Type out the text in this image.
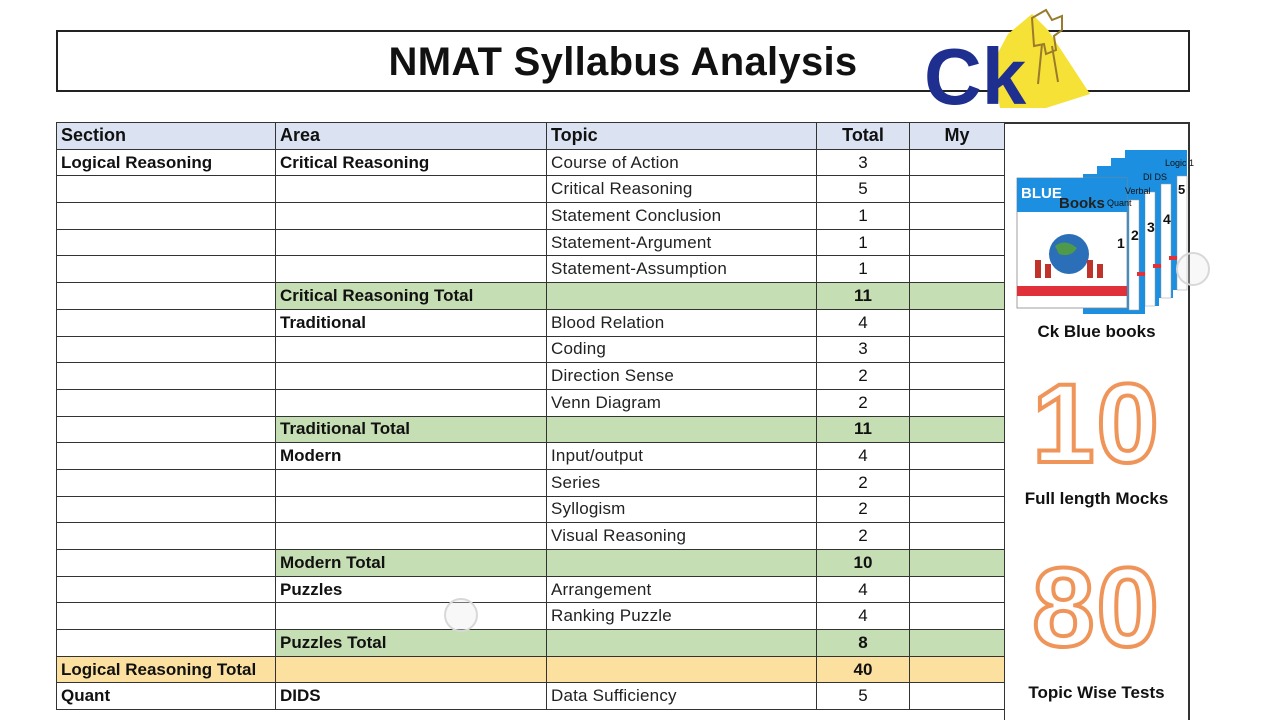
NMAT Syllabus Analysis Ck
Section	Area	Topic	Total	My
Logical Reasoning	Critical Reasoning	Course of Action	3	
		Critical Reasoning	5	
		Statement Conclusion	1	
		Statement-Argument	1	
		Statement-Assumption	1	
	Critical Reasoning Total		11	
	Traditional	Blood Relation	4	
		Coding	3	
		Direction Sense	2	
		Venn Diagram	2	
	Traditional Total		11	
	Modern	Input/output	4	
		Series	2	
		Syllogism	2	
		Visual Reasoning	2	
	Modern Total		10	
	Puzzles	Arrangement	4	
		Ranking Puzzle	4	
	Puzzles Total		8	
Logical Reasoning Total			40	
Quant	DIDS	Data Sufficiency	5	
BLUE
Books
Logic 1
DI DS
Verbal
Quant
1 2 3 4
5
Ck Blue books
10
Full length Mocks
80
Topic Wise Tests
